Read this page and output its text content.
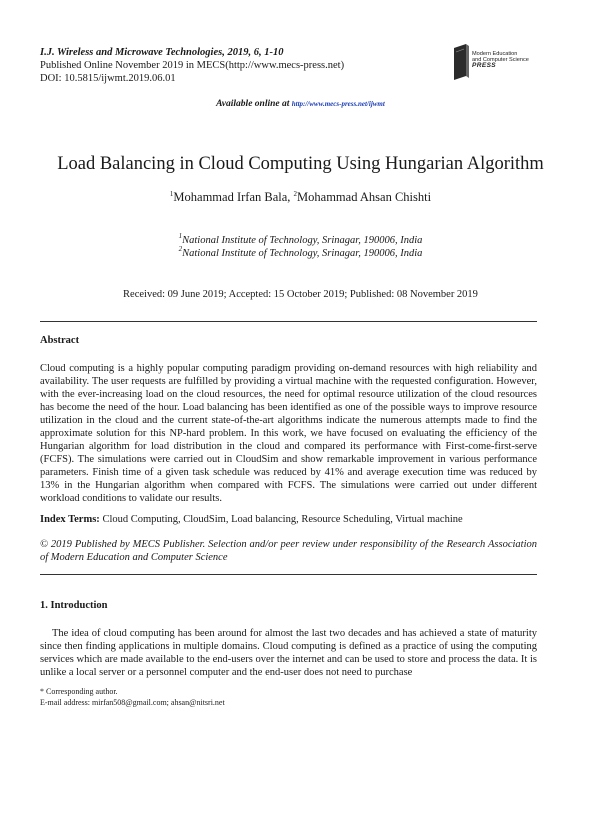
I.J. Wireless and Microwave Technologies, 2019, 6, 1-10
Published Online November 2019 in MECS(http://www.mecs-press.net)
DOI: 10.5815/ijwmt.2019.06.01
Modern Education
and Computer Science
PRESS
Available online at http://www.mecs-press.net/ijwmt
Load Balancing in Cloud Computing Using Hungarian Algorithm
$^1$Mohammad Irfan Bala, $^2$Mohammad Ahsan Chishti
$^1$National Institute of Technology, Srinagar, 190006, India
$^2$National Institute of Technology, Srinagar, 190006, India
Received: 09 June 2019; Accepted: 15 October 2019; Published: 08 November 2019
Abstract
Cloud computing is a highly popular computing paradigm providing on-demand resources with high reliability and availability. The user requests are fulfilled by providing a virtual machine with the requested configuration. However, with the ever-increasing load on the cloud resources, the need for optimal resource utilization of the cloud resources has become the need of the hour. Load balancing has been identified as one of the possible ways to improve resource utilization in the cloud and the current state-of-the-art algorithms indicate the numerous attempts made to find the approximate solution for this NP-hard problem. In this work, we have focused on evaluating the efficiency of the Hungarian algorithm for load distribution in the cloud and compared its performance with First-come-first-serve (FCFS). The simulations were carried out in CloudSim and show remarkable improvement in various performance parameters. Finish time of a given task schedule was reduced by 41% and average execution time was reduced by 13% in the Hungarian algorithm when compared with FCFS. The simulations were carried out under different workload conditions to validate our results.
Index Terms: Cloud Computing, CloudSim, Load balancing, Resource Scheduling, Virtual machine
© 2019 Published by MECS Publisher. Selection and/or peer review under responsibility of the Research Association of Modern Education and Computer Science
1. Introduction
The idea of cloud computing has been around for almost the last two decades and has achieved a state of maturity since then finding applications in multiple domains. Cloud computing is defined as a practice of using the computing services which are made available to the end-users over the internet and can be used to store and process the data. It is unlike a local server or a personnel computer and the end-user does not need to purchase
* Corresponding author.
E-mail address: mirfan508@gmail.com; ahsan@nitsri.net
